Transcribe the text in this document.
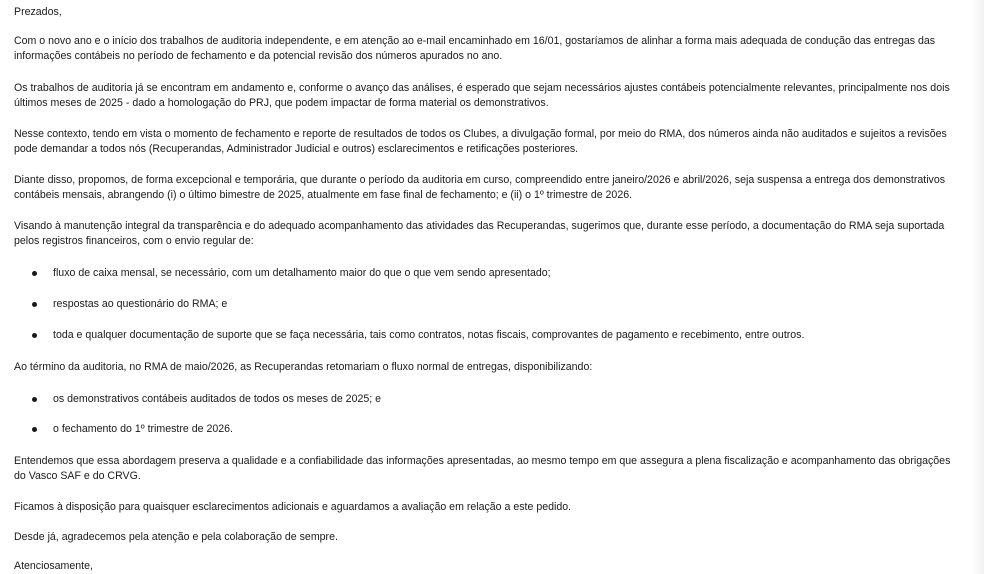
Prezados,

Com o novo ano e o início dos trabalhos de auditoria independente, e em atenção ao e-mail encaminhado em 16/01, gostaríamos de alinhar a forma mais adequada de condução das entregas das informações contábeis no período de fechamento e da potencial revisão dos números apurados no ano.

Os trabalhos de auditoria já se encontram em andamento e, conforme o avanço das análises, é esperado que sejam necessários ajustes contábeis potencialmente relevantes, principalmente nos dois últimos meses de 2025 - dado a homologação do PRJ, que podem impactar de forma material os demonstrativos.

Nesse contexto, tendo em vista o momento de fechamento e reporte de resultados de todos os Clubes, a divulgação formal, por meio do RMA, dos números ainda não auditados e sujeitos a revisões pode demandar a todos nós (Recuperandas, Administrador Judicial e outros) esclarecimentos e retificações posteriores.

Diante disso, propomos, de forma excepcional e temporária, que durante o período da auditoria em curso, compreendido entre janeiro/2026 e abril/2026, seja suspensa a entrega dos demonstrativos contábeis mensais, abrangendo (i) o último bimestre de 2025, atualmente em fase final de fechamento; e (ii) o 1º trimestre de 2026.

Visando à manutenção integral da transparência e do adequado acompanhamento das atividades das Recuperandas, sugerimos que, durante esse período, a documentação do RMA seja suportada pelos registros financeiros, com o envio regular de:

fluxo de caixa mensal, se necessário, com um detalhamento maior do que o que vem sendo apresentado;
respostas ao questionário do RMA; e
toda e qualquer documentação de suporte que se faça necessária, tais como contratos, notas fiscais, comprovantes de pagamento e recebimento, entre outros.

Ao término da auditoria, no RMA de maio/2026, as Recuperandas retomariam o fluxo normal de entregas, disponibilizando:

os demonstrativos contábeis auditados de todos os meses de 2025; e
o fechamento do 1º trimestre de 2026.

Entendemos que essa abordagem preserva a qualidade e a confiabilidade das informações apresentadas, ao mesmo tempo em que assegura a plena fiscalização e acompanhamento das obrigações do Vasco SAF e do CRVG.

Ficamos à disposição para quaisquer esclarecimentos adicionais e aguardamos a avaliação em relação a este pedido.

Desde já, agradecemos pela atenção e pela colaboração de sempre.

Atenciosamente,
